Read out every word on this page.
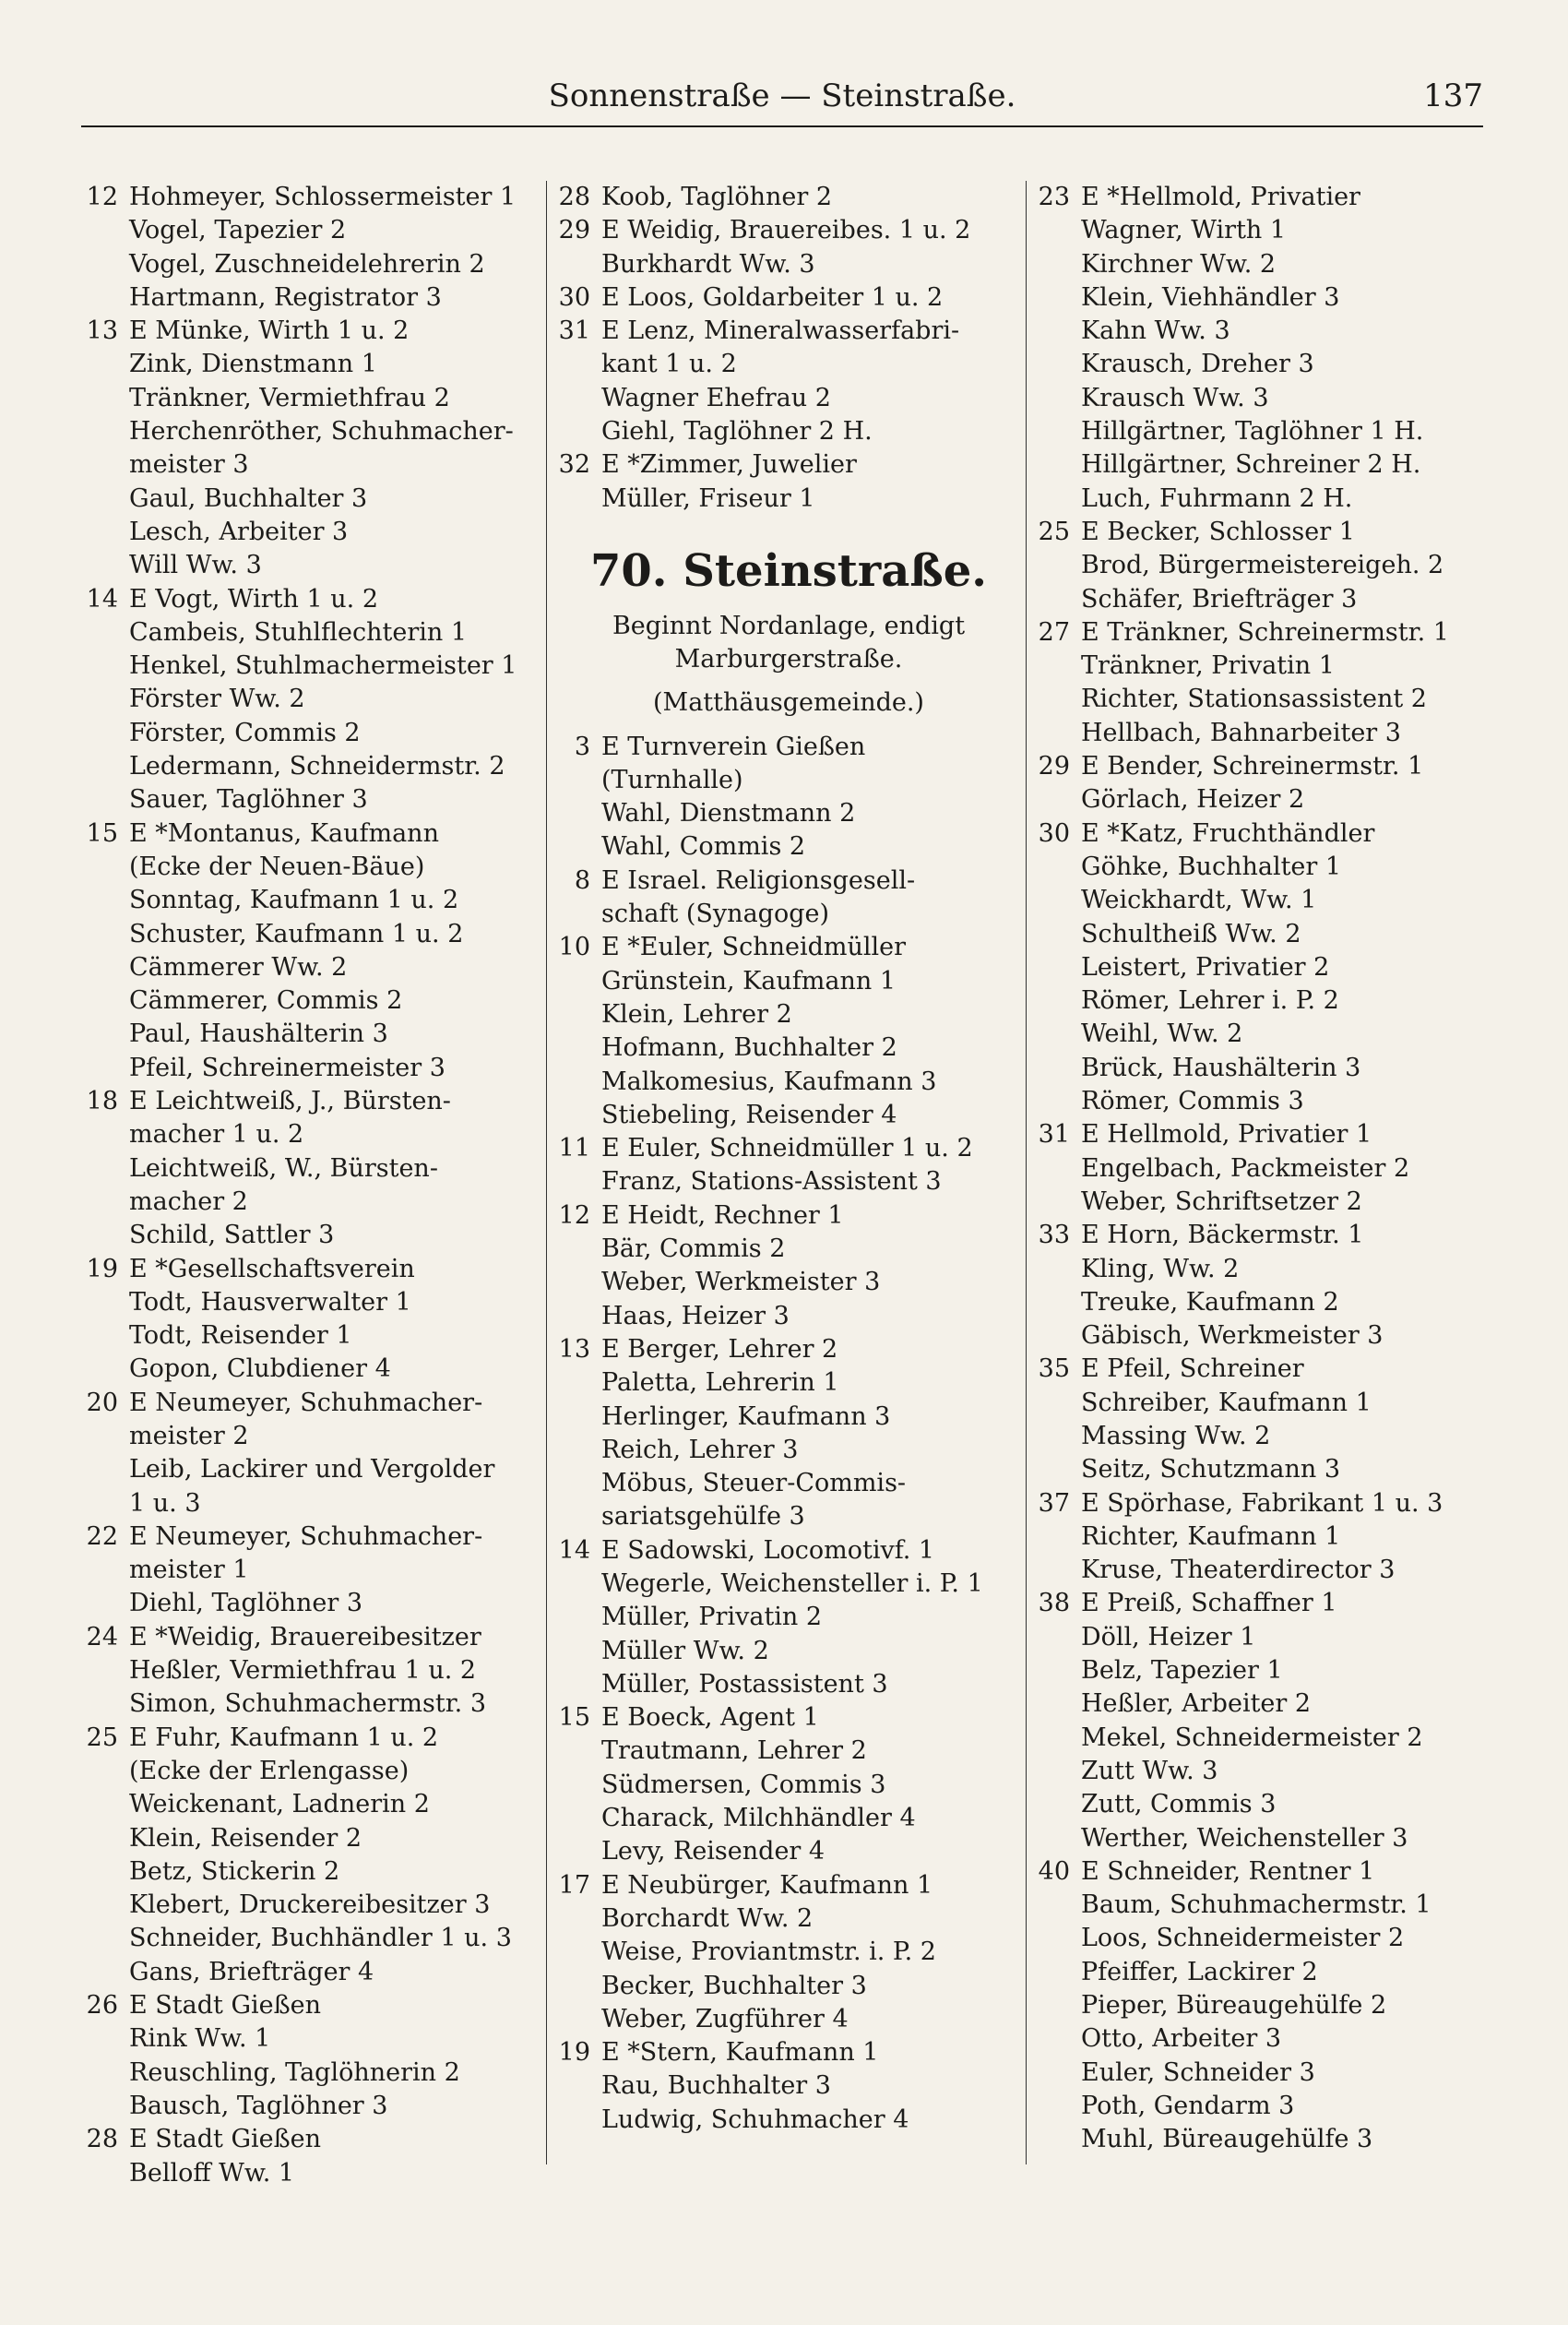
Sonnenstraße — Steinstraße.	137
12 Hohmeyer, Schlossermeister 1
Vogel, Tapezier 2
Vogel, Zuschneidelehrerin 2
Hartmann, Registrator 3
13 E Münke, Wirth 1 u. 2
Zink, Dienstmann 1
Tränkner, Vermiethfrau 2
Herchenröther, Schuhmacher-
meister 3
Gaul, Buchhalter 3
Lesch, Arbeiter 3
Will Ww. 3
14 E Vogt, Wirth 1 u. 2
Cambeis, Stuhlflechterin 1
Henkel, Stuhlmachermeister 1
Förster Ww. 2
Förster, Commis 2
Ledermann, Schneidermstr. 2
Sauer, Taglöhner 3
15 E *Montanus, Kaufmann
(Ecke der Neuen-Bäue)
Sonntag, Kaufmann 1 u. 2
Schuster, Kaufmann 1 u. 2
Cämmerer Ww. 2
Cämmerer, Commis 2
Paul, Haushälterin 3
Pfeil, Schreinermeister 3
18 E Leichtweiß, J., Bürsten-
macher 1 u. 2
Leichtweiß, W., Bürsten-
macher 2
Schild, Sattler 3
19 E *Gesellschaftsverein
Todt, Hausverwalter 1
Todt, Reisender 1
Gopon, Clubdiener 4
20 E Neumeyer, Schuhmacher-
meister 2
Leib, Lackirer und Vergolder
1 u. 3
22 E Neumeyer, Schuhmacher-
meister 1
Diehl, Taglöhner 3
24 E *Weidig, Brauereibesitzer
Heßler, Vermiethfrau 1 u. 2
Simon, Schuhmachermstr. 3
25 E Fuhr, Kaufmann 1 u. 2
(Ecke der Erlengasse)
Weickenant, Ladnerin 2
Klein, Reisender 2
Betz, Stickerin 2
Klebert, Druckereibesitzer 3
Schneider, Buchhändler 1 u. 3
Gans, Briefträger 4
26 E Stadt Gießen
Rink Ww. 1
Reuschling, Taglöhnerin 2
Bausch, Taglöhner 3
28 E Stadt Gießen
Belloff Ww. 1
28 Koob, Taglöhner 2
29 E Weidig, Brauereibes. 1 u. 2
Burkhardt Ww. 3
30 E Loos, Goldarbeiter 1 u. 2
31 E Lenz, Mineralwasserfabri-
kant 1 u. 2
Wagner Ehefrau 2
Giehl, Taglöhner 2 H.
32 E *Zimmer, Juwelier
Müller, Friseur 1
70. Steinstraße.
Beginnt Nordanlage, endigt
Marburgerstraße.
(Matthäusgemeinde.)
3 E Turnverein Gießen
(Turnhalle)
Wahl, Dienstmann 2
Wahl, Commis 2
8 E Israel. Religionsgesell-
schaft (Synagoge)
10 E *Euler, Schneidmüller
Grünstein, Kaufmann 1
Klein, Lehrer 2
Hofmann, Buchhalter 2
Malkomesius, Kaufmann 3
Stiebeling, Reisender 4
11 E Euler, Schneidmüller 1 u. 2
Franz, Stations-Assistent 3
12 E Heidt, Rechner 1
Bär, Commis 2
Weber, Werkmeister 3
Haas, Heizer 3
13 E Berger, Lehrer 2
Paletta, Lehrerin 1
Herlinger, Kaufmann 3
Reich, Lehrer 3
Möbus, Steuer-Commis-
sariatsgehülfe 3
14 E Sadowski, Locomotivf. 1
Wegerle, Weichensteller i. P. 1
Müller, Privatin 2
Müller Ww. 2
Müller, Postassistent 3
15 E Boeck, Agent 1
Trautmann, Lehrer 2
Südmersen, Commis 3
Charack, Milchhändler 4
Levy, Reisender 4
17 E Neubürger, Kaufmann 1
Borchardt Ww. 2
Weise, Proviantmstr. i. P. 2
Becker, Buchhalter 3
Weber, Zugführer 4
19 E *Stern, Kaufmann 1
Rau, Buchhalter 3
Ludwig, Schuhmacher 4
23 E *Hellmold, Privatier
Wagner, Wirth 1
Kirchner Ww. 2
Klein, Viehhändler 3
Kahn Ww. 3
Krausch, Dreher 3
Krausch Ww. 3
Hillgärtner, Taglöhner 1 H.
Hillgärtner, Schreiner 2 H.
Luch, Fuhrmann 2 H.
25 E Becker, Schlosser 1
Brod, Bürgermeistereigeh. 2
Schäfer, Briefträger 3
27 E Tränkner, Schreinermstr. 1
Tränkner, Privatin 1
Richter, Stationsassistent 2
Hellbach, Bahnarbeiter 3
29 E Bender, Schreinermstr. 1
Görlach, Heizer 2
30 E *Katz, Fruchthändler
Göhke, Buchhalter 1
Weickhardt, Ww. 1
Schultheiß Ww. 2
Leistert, Privatier 2
Römer, Lehrer i. P. 2
Weihl, Ww. 2
Brück, Haushälterin 3
Römer, Commis 3
31 E Hellmold, Privatier 1
Engelbach, Packmeister 2
Weber, Schriftsetzer 2
33 E Horn, Bäckermstr. 1
Kling, Ww. 2
Treuke, Kaufmann 2
Gäbisch, Werkmeister 3
35 E Pfeil, Schreiner
Schreiber, Kaufmann 1
Massing Ww. 2
Seitz, Schutzmann 3
37 E Spörhase, Fabrikant 1 u. 3
Richter, Kaufmann 1
Kruse, Theaterdirector 3
38 E Preiß, Schaffner 1
Döll, Heizer 1
Belz, Tapezier 1
Heßler, Arbeiter 2
Mekel, Schneidermeister 2
Zutt Ww. 3
Zutt, Commis 3
Werther, Weichensteller 3
40 E Schneider, Rentner 1
Baum, Schuhmachermstr. 1
Loos, Schneidermeister 2
Pfeiffer, Lackirer 2
Pieper, Büreaugehülfe 2
Otto, Arbeiter 3
Euler, Schneider 3
Poth, Gendarm 3
Muhl, Büreaugehülfe 3
